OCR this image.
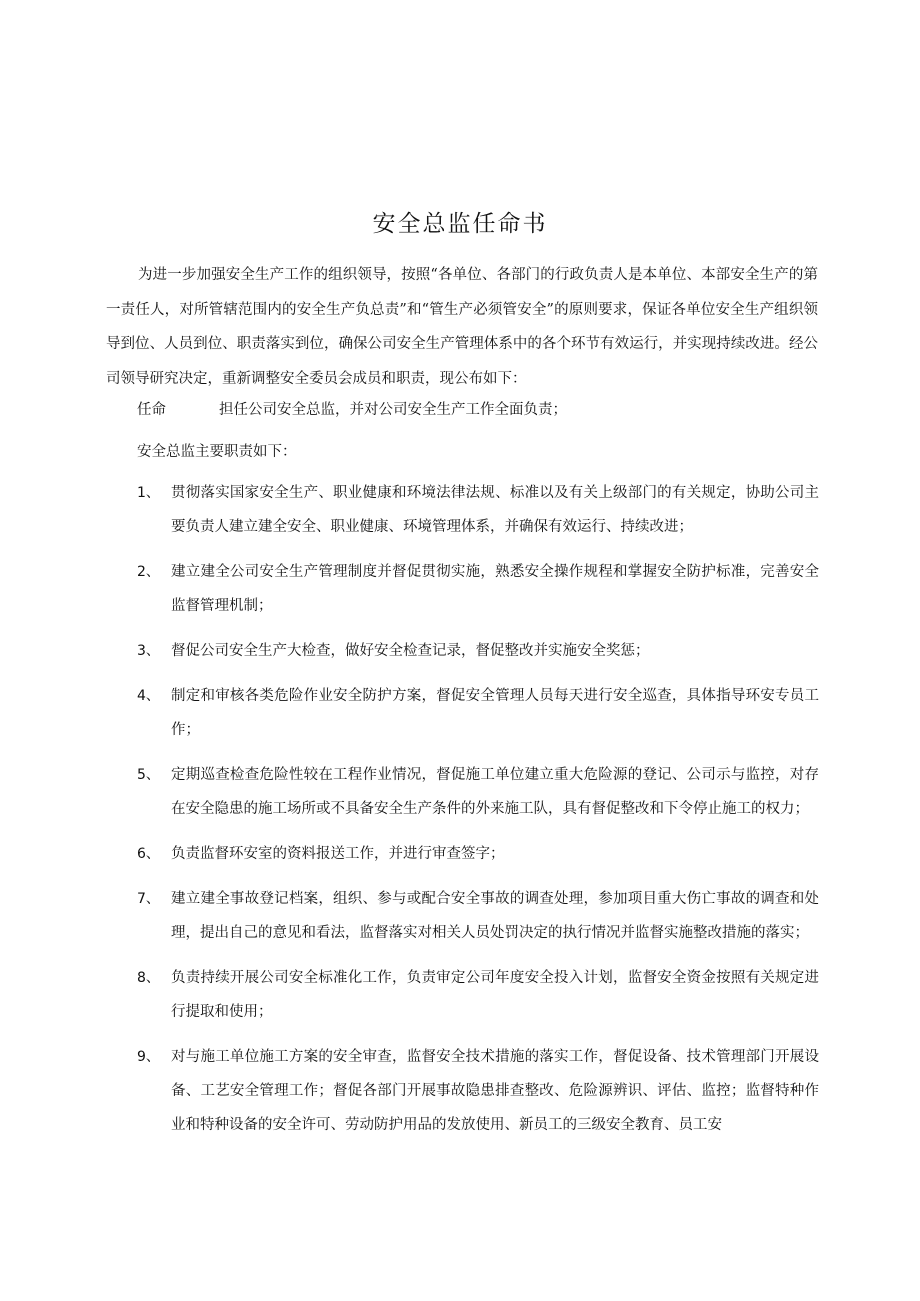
安全总监任命书

为进一步加强安全生产工作的组织领导，按照“各单位、各部门的行政负责人是本单位、本部安全生产的第一责任人，对所管辖范围内的安全生产负总责”和“管生产必须管安全”的原则要求，保证各单位安全生产组织领导到位、人员到位、职责落实到位，确保公司安全生产管理体系中的各个环节有效运行，并实现持续改进。经公司领导研究决定，重新调整安全委员会成员和职责，现公布如下：

任命	担任公司安全总监，并对公司安全生产工作全面负责；
安全总监主要职责如下：
1、 贯彻落实国家安全生产、职业健康和环境法律法规、标准以及有关上级部门的有关规定，协助公司主要负责人建立建全安全、职业健康、环境管理体系，并确保有效运行、持续改进；
2、 建立建全公司安全生产管理制度并督促贯彻实施，熟悉安全操作规程和掌握安全防护标准，完善安全监督管理机制；
3、 督促公司安全生产大检查，做好安全检查记录，督促整改并实施安全奖惩；
4、 制定和审核各类危险作业安全防护方案，督促安全管理人员每天进行安全巡查，具体指导环安专员工作；
5、 定期巡查检查危险性较在工程作业情况，督促施工单位建立重大危险源的登记、公司示与监控，对存在安全隐患的施工场所或不具备安全生产条件的外来施工队，具有督促整改和下令停止施工的权力；
6、 负责监督环安室的资料报送工作，并进行审查签字；
7、 建立建全事故登记档案，组织、参与或配合安全事故的调查处理，参加项目重大伤亡事故的调查和处理，提出自己的意见和看法，监督落实对相关人员处罚决定的执行情况并监督实施整改措施的落实；
8、 负责持续开展公司安全标准化工作，负责审定公司年度安全投入计划，监督安全资金按照有关规定进行提取和使用；
9、 对与施工单位施工方案的安全审查，监督安全技术措施的落实工作，督促设备、技术管理部门开展设备、工艺安全管理工作；督促各部门开展事故隐患排查整改、危险源辨识、评估、监控；监督特种作业和特种设备的安全许可、劳动防护用品的发放使用、新员工的三级安全教育、员工安
